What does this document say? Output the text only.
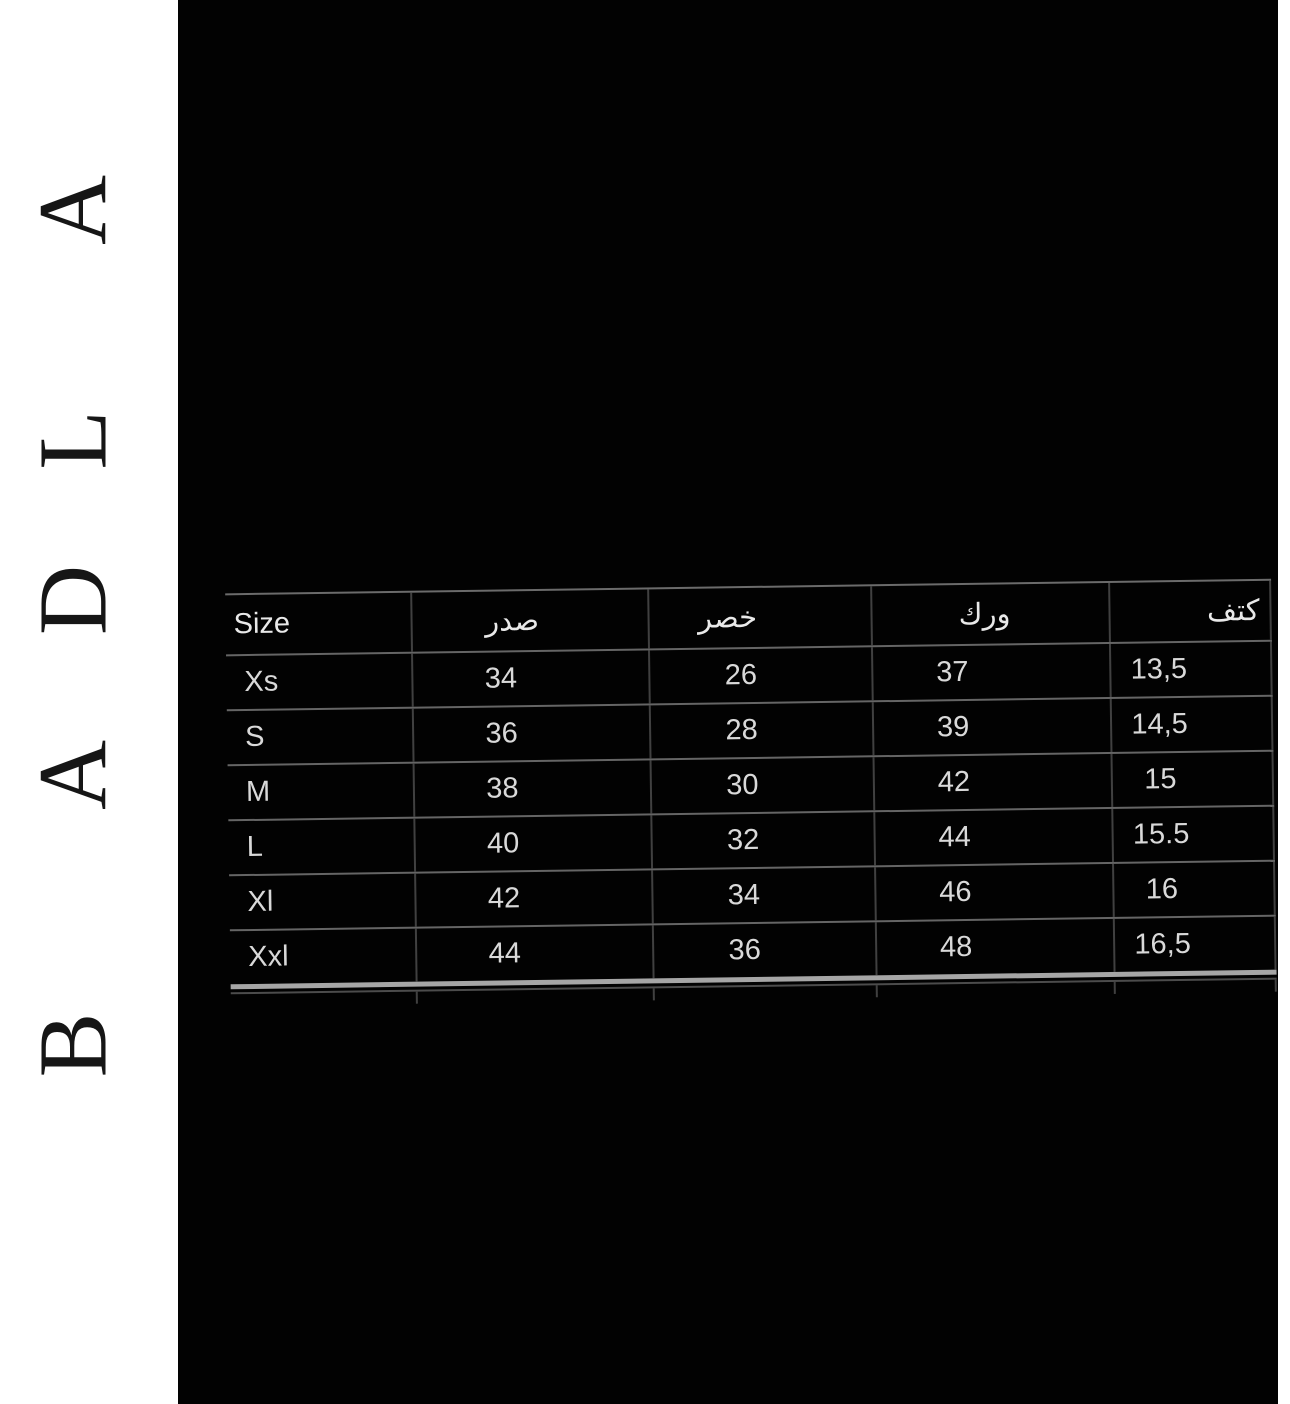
A
L
D
A
B
Size	صدر	خصر	ورك	كتف
Xs	34	26	37	13,5
S	36	28	39	14,5
M	38	30	42	15
L	40	32	44	15.5
Xl	42	34	46	16
Xxl	44	36	48	16,5
